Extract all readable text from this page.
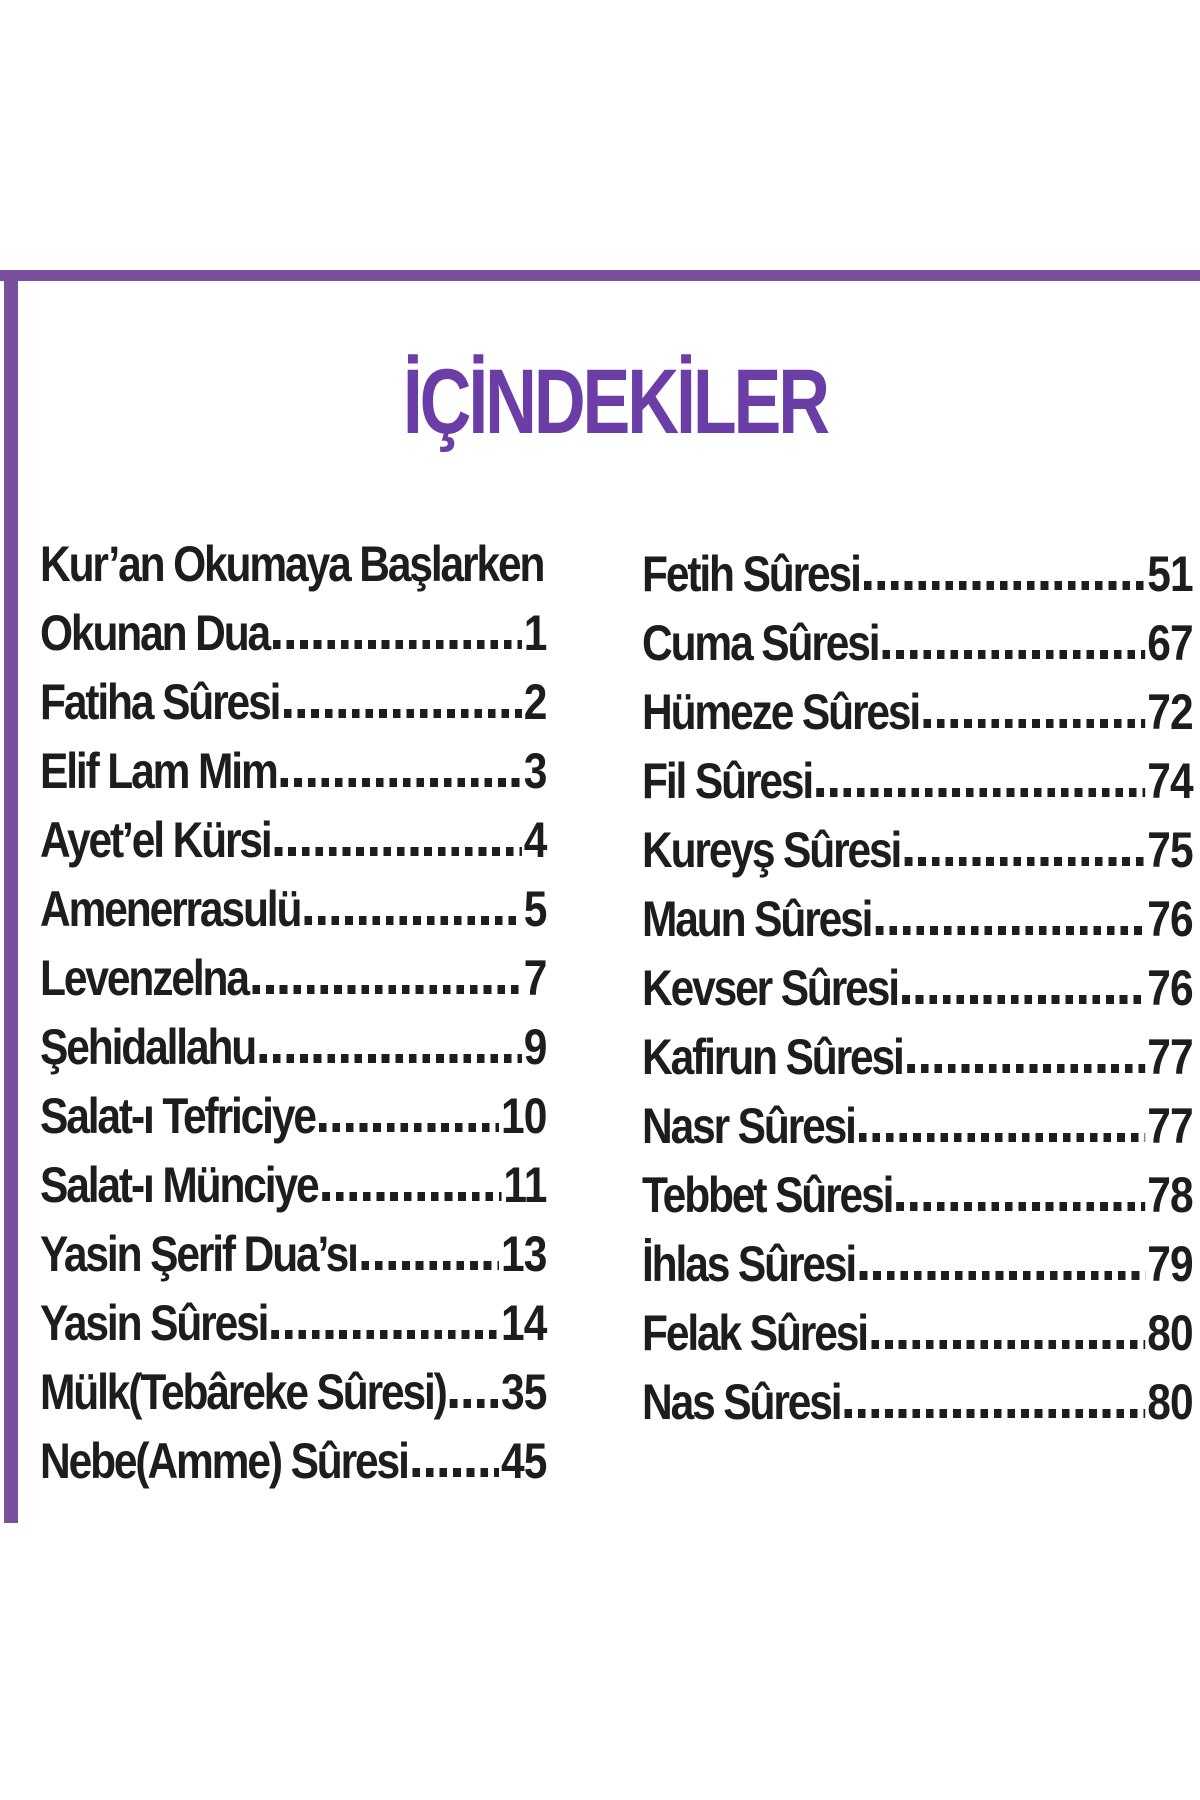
İÇİNDEKİLER
Kur’an Okumaya Başlarken
Okunan Dua	1
Fatiha Sûresi	2
Elif Lam Mim	3
Ayet’el Kürsi	4
Amenerrasulü	5
Levenzelna	7
Şehidallahu	9
Salat-ı Tefriciye	10
Salat-ı Münciye	11
Yasin Şerif Dua’sı	13
Yasin Sûresi	14
Mülk(Tebâreke Sûresi) 35
Nebe(Amme) Sûresi 45
Fetih Sûresi	51
Cuma Sûresi	67
Hümeze Sûresi	72
Fil Sûresi	74
Kureyş Sûresi	75
Maun Sûresi	76
Kevser Sûresi	76
Kafirun Sûresi	77
Nasr Sûresi	77
Tebbet Sûresi	78
İhlas Sûresi	79
Felak Sûresi	80
Nas Sûresi	80
